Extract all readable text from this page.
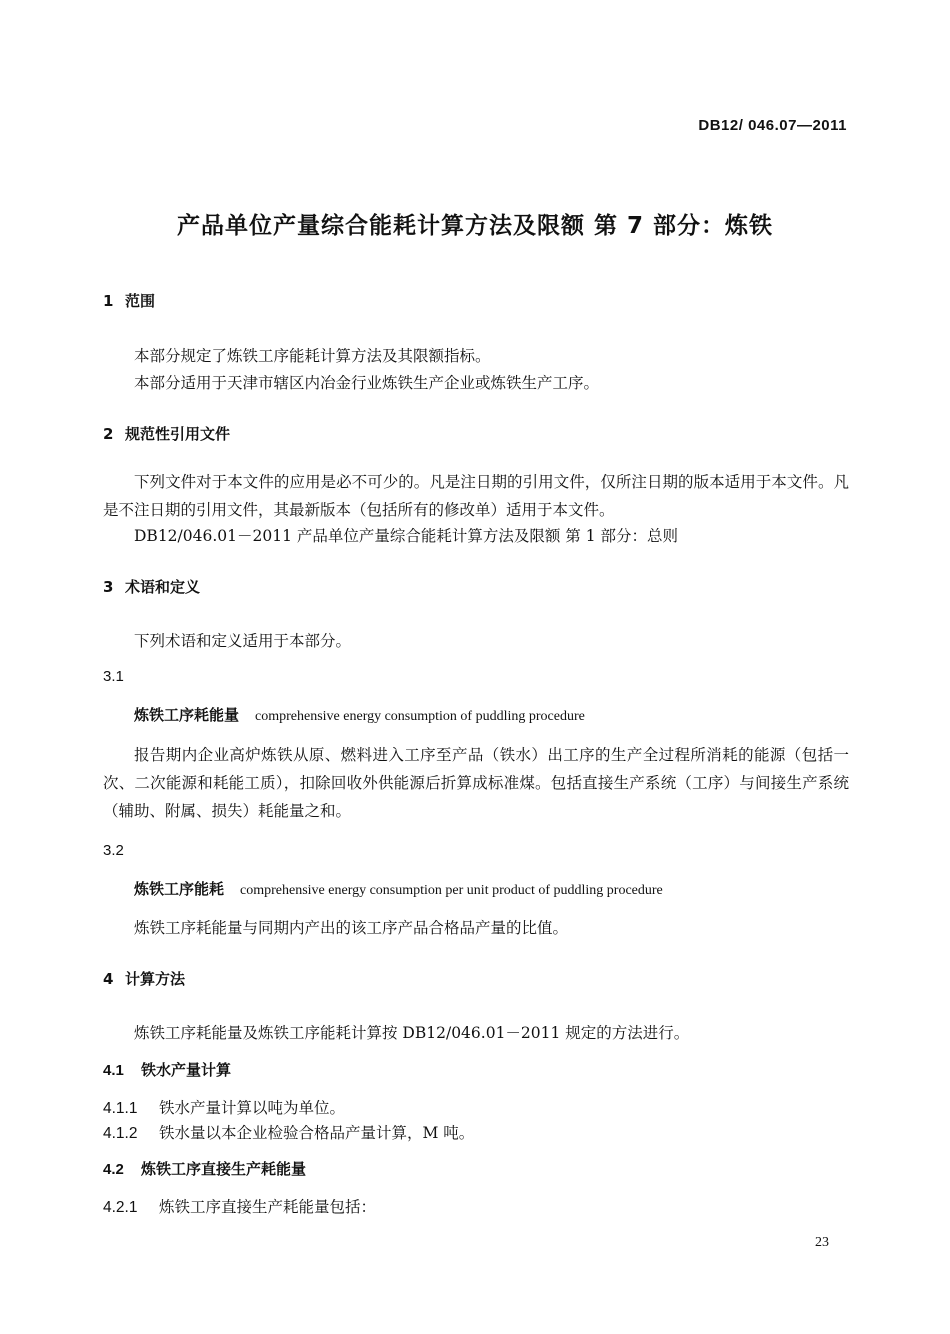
DB12/ 046.07—2011
产品单位产量综合能耗计算方法及限额 第 7 部分：炼铁
1 范围
本部分规定了炼铁工序能耗计算方法及其限额指标。
本部分适用于天津市辖区内冶金行业炼铁生产企业或炼铁生产工序。
2 规范性引用文件
下列文件对于本文件的应用是必不可少的。凡是注日期的引用文件，仅所注日期的版本适用于本文件。凡是不注日期的引用文件，其最新版本（包括所有的修改单）适用于本文件。
DB12/046.01－2011 产品单位产量综合能耗计算方法及限额 第 1 部分：总则
3 术语和定义
下列术语和定义适用于本部分。
3.1
炼铁工序耗能量 comprehensive energy consumption of puddling procedure
报告期内企业高炉炼铁从原、燃料进入工序至产品（铁水）出工序的生产全过程所消耗的能源（包括一次、二次能源和耗能工质），扣除回收外供能源后折算成标准煤。包括直接生产系统（工序）与间接生产系统（辅助、附属、损失）耗能量之和。
3.2
炼铁工序能耗 comprehensive energy consumption per unit product of puddling procedure
炼铁工序耗能量与同期内产出的该工序产品合格品产量的比值。
4 计算方法
炼铁工序耗能量及炼铁工序能耗计算按 DB12/046.01－2011 规定的方法进行。
4.1 铁水产量计算
4.1.1 铁水产量计算以吨为单位。
4.1.2 铁水量以本企业检验合格品产量计算，M 吨。
4.2 炼铁工序直接生产耗能量
4.2.1 炼铁工序直接生产耗能量包括：
23
